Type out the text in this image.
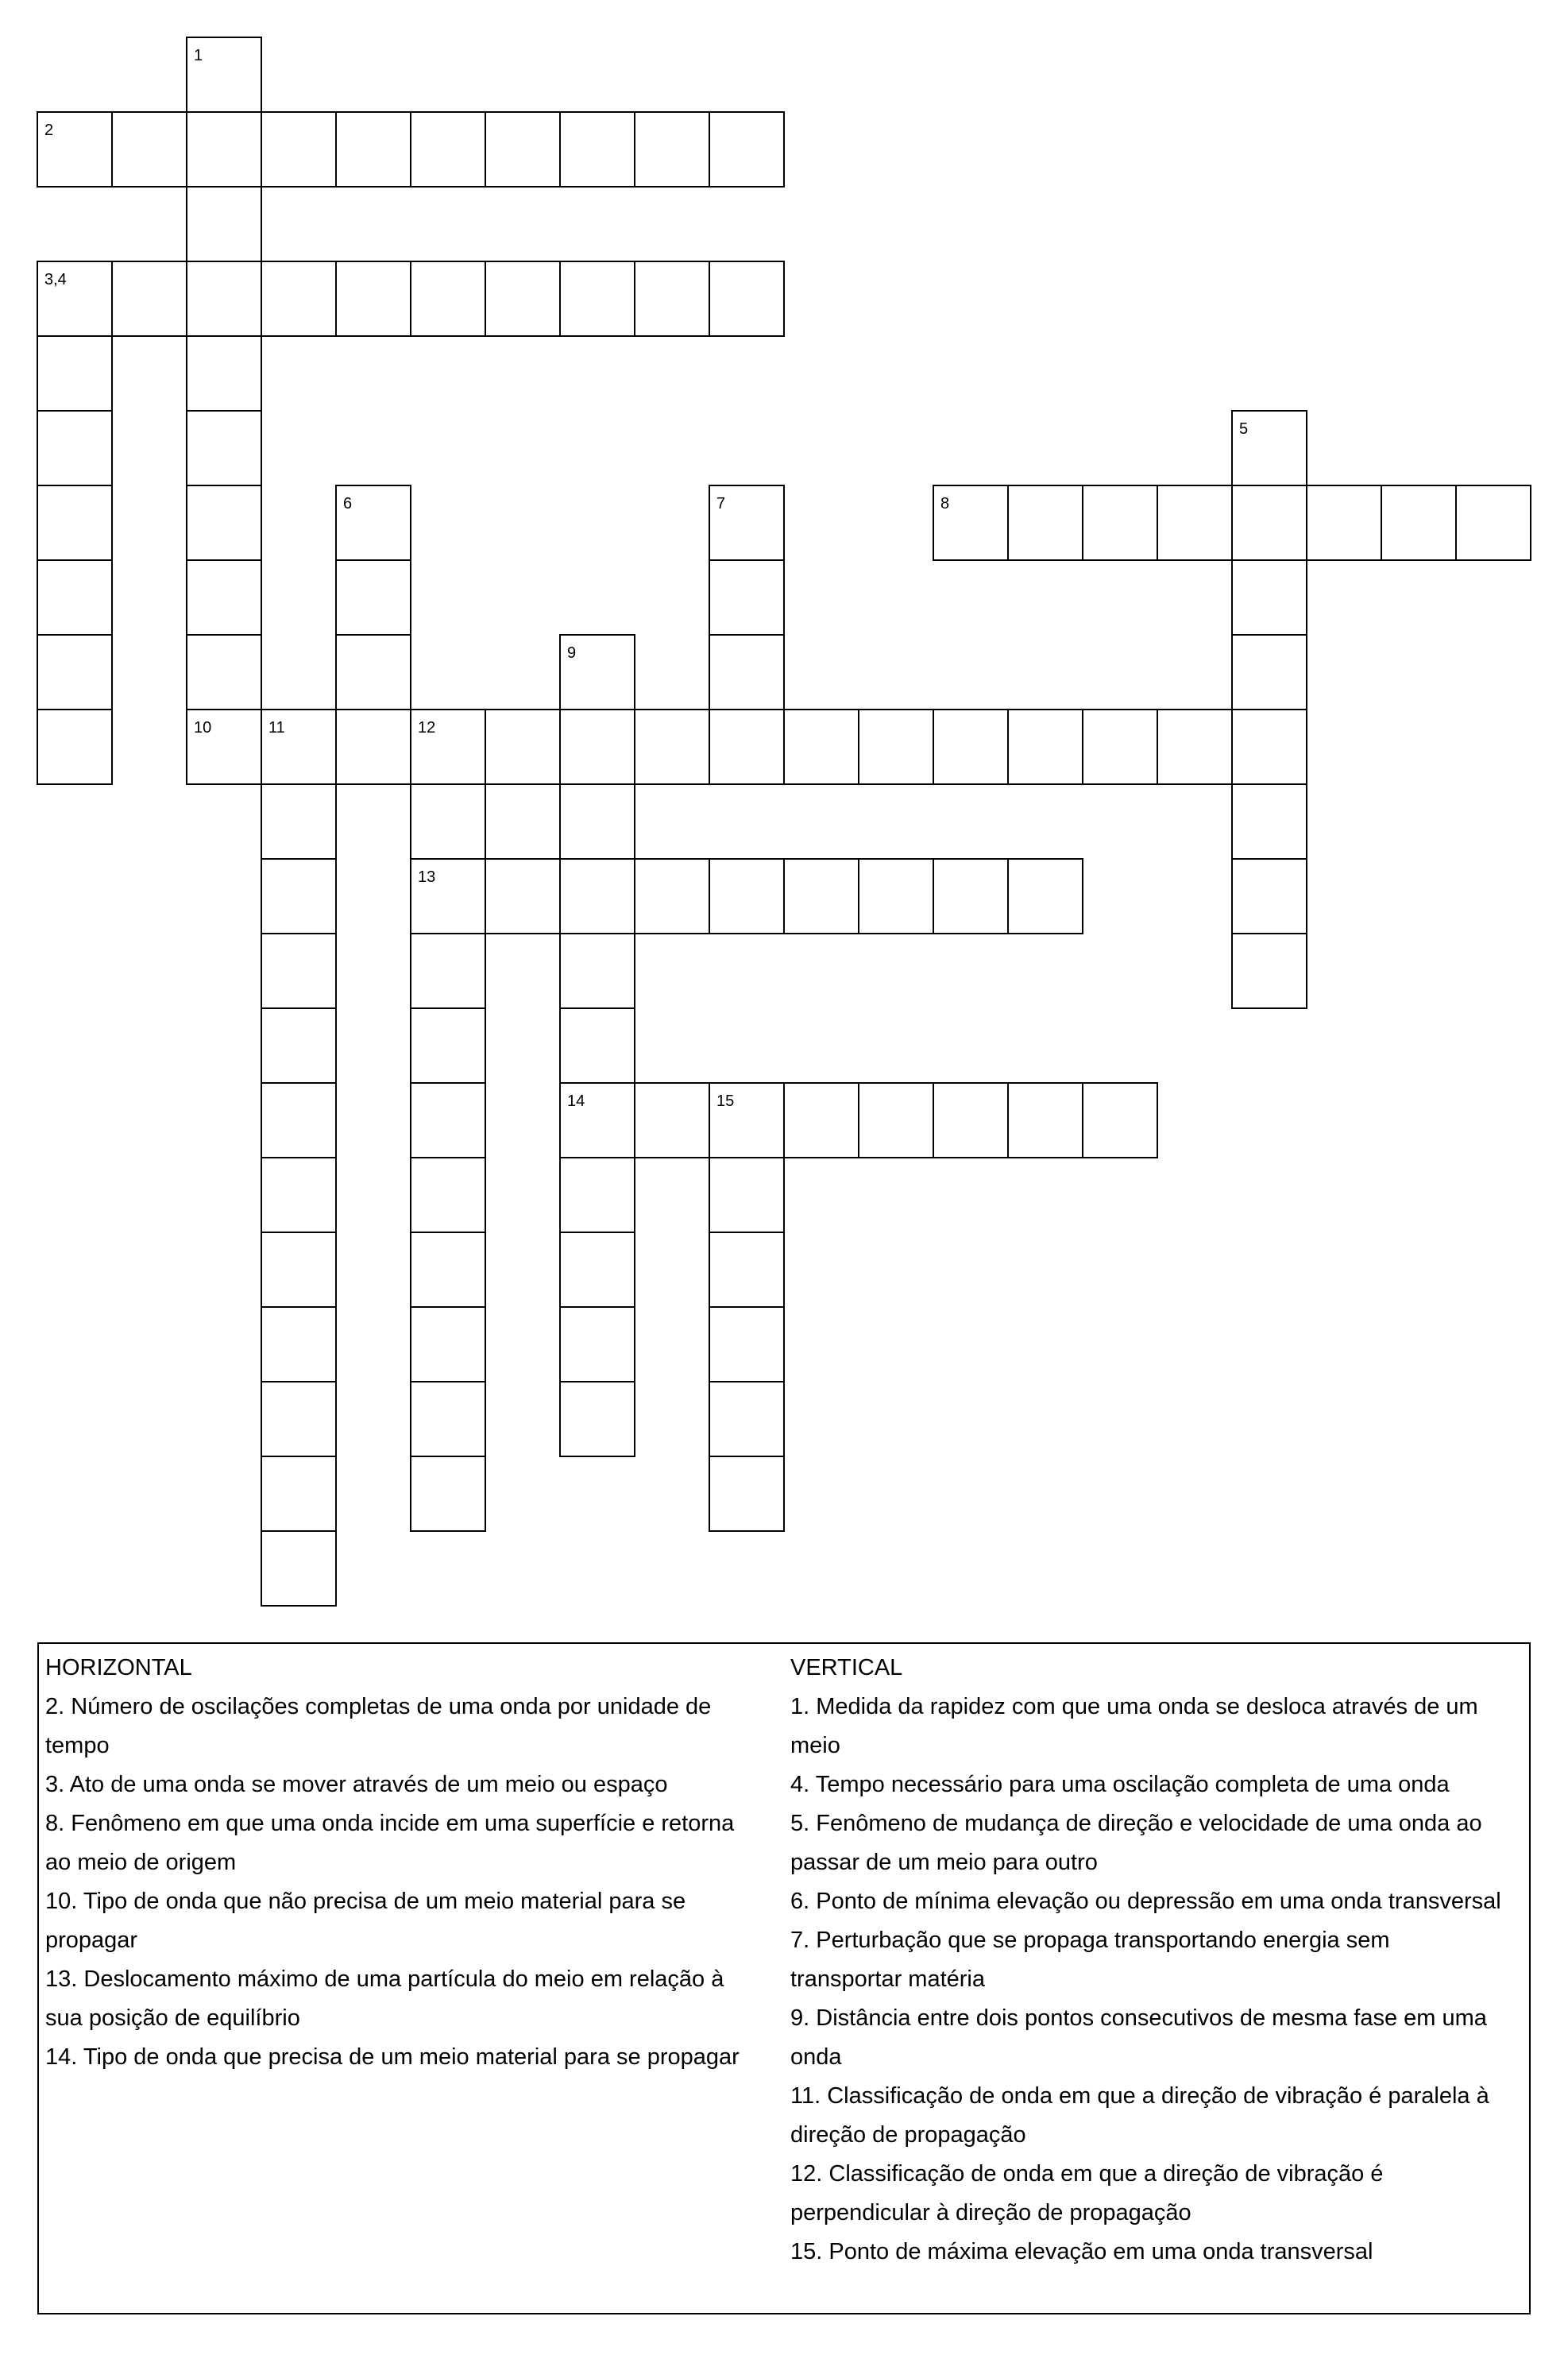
1
2
3,4
5
6	7	8
9
10	11	12
13
14	15
HORIZONTAL
2. Número de oscilações completas de uma onda por unidade de
tempo
3. Ato de uma onda se mover através de um meio ou espaço
8. Fenômeno em que uma onda incide em uma superfície e retorna
ao meio de origem
10. Tipo de onda que não precisa de um meio material para se
propagar
13. Deslocamento máximo de uma partícula do meio em relação à
sua posição de equilíbrio
14. Tipo de onda que precisa de um meio material para se propagar
VERTICAL
1. Medida da rapidez com que uma onda se desloca através de um
meio
4. Tempo necessário para uma oscilação completa de uma onda
5. Fenômeno de mudança de direção e velocidade de uma onda ao
passar de um meio para outro
6. Ponto de mínima elevação ou depressão em uma onda transversal
7. Perturbação que se propaga transportando energia sem
transportar matéria
9. Distância entre dois pontos consecutivos de mesma fase em uma
onda
11. Classificação de onda em que a direção de vibração é paralela à
direção de propagação
12. Classificação de onda em que a direção de vibração é
perpendicular à direção de propagação
15. Ponto de máxima elevação em uma onda transversal
